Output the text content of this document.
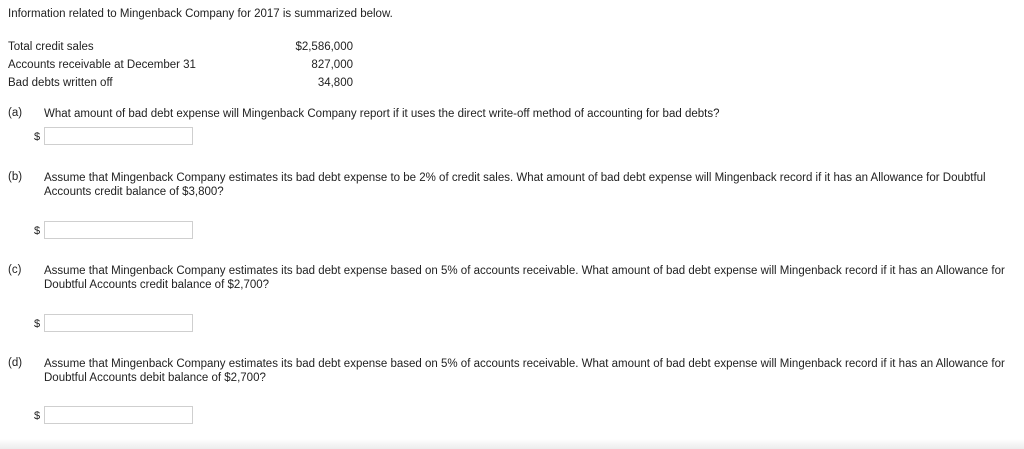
Information related to Mingenback Company for 2017 is summarized below.
Total credit sales	$2,586,000
Accounts receivable at December 31	827,000
Bad debts written off	34,800
(a) What amount of bad debt expense will Mingenback Company report if it uses the direct write-off method of accounting for bad debts?
$
(b) Assume that Mingenback Company estimates its bad debt expense to be 2% of credit sales. What amount of bad debt expense will Mingenback record if it has an Allowance for Doubtful Accounts credit balance of $3,800?
$
(c) Assume that Mingenback Company estimates its bad debt expense based on 5% of accounts receivable. What amount of bad debt expense will Mingenback record if it has an Allowance for Doubtful Accounts credit balance of $2,700?
$
(d) Assume that Mingenback Company estimates its bad debt expense based on 5% of accounts receivable. What amount of bad debt expense will Mingenback record if it has an Allowance for Doubtful Accounts debit balance of $2,700?
$
